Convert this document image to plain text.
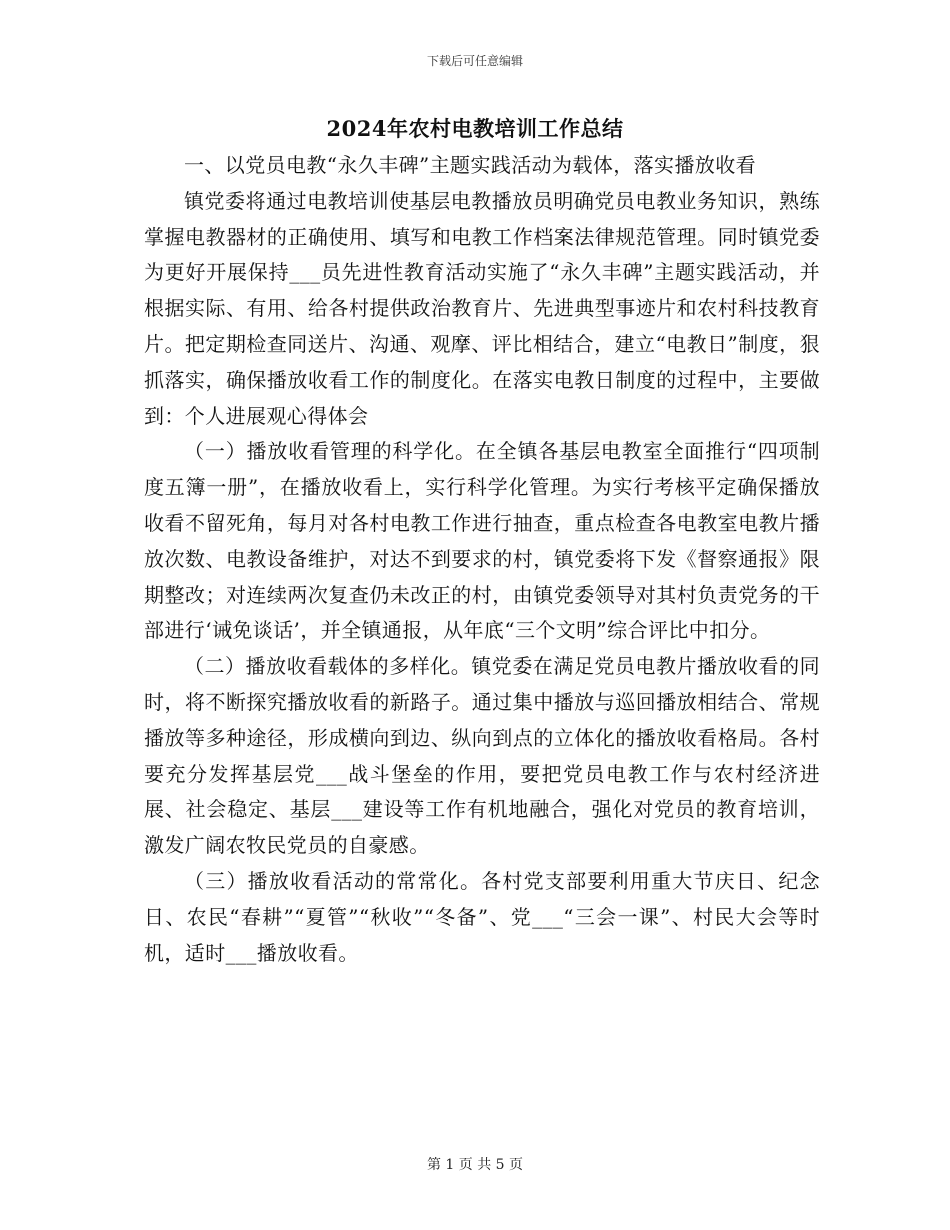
下载后可任意编辑
2024年农村电教培训工作总结

一、以党员电教“永久丰碑”主题实践活动为载体，落实播放收看

镇党委将通过电教培训使基层电教播放员明确党员电教业务知识，熟练掌握电教器材的正确使用、填写和电教工作档案法律规范管理。同时镇党委为更好开展保持___员先进性教育活动实施了“永久丰碑”主题实践活动，并根据实际、有用、给各村提供政治教育片、先进典型事迹片和农村科技教育片。把定期检查同送片、沟通、观摩、评比相结合，建立“电教日”制度，狠抓落实，确保播放收看工作的制度化。在落实电教日制度的过程中，主要做到：个人进展观心得体会

（一）播放收看管理的科学化。在全镇各基层电教室全面推行“四项制度五簿一册”，在播放收看上，实行科学化管理。为实行考核平定确保播放收看不留死角，每月对各村电教工作进行抽查，重点检查各电教室电教片播放次数、电教设备维护，对达不到要求的村，镇党委将下发《督察通报》限期整改；对连续两次复查仍未改正的村，由镇党委领导对其村负责党务的干部进行‘诫免谈话’，并全镇通报，从年底“三个文明”综合评比中扣分。

（二）播放收看载体的多样化。镇党委在满足党员电教片播放收看的同时，将不断探究播放收看的新路子。通过集中播放与巡回播放相结合、常规播放等多种途径，形成横向到边、纵向到点的立体化的播放收看格局。各村要充分发挥基层党___战斗堡垒的作用，要把党员电教工作与农村经济进展、社会稳定、基层___建设等工作有机地融合，强化对党员的教育培训，激发广阔农牧民党员的自豪感。

（三）播放收看活动的常常化。各村党支部要利用重大节庆日、纪念日、农民“春耕”“夏管”“秋收”“冬备”、党___“三会一课”、村民大会等时机，适时___播放收看。

第 1 页 共 5 页
